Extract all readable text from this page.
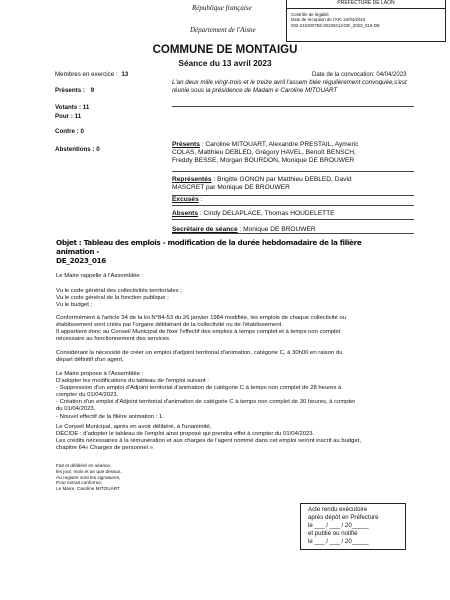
République française
Département de l'Aisne
PREFECTURE DE LAON
Contrôle de légalité
Date de réception de l'AR: 24/04/2023
002-210200756-20230413-DE_2023_016-DE
COMMUNE DE MONTAIGU
Séance du 13 avril 2023
Membres en exercice : 13
Présents : 9
Votants : 11
Pour : 11
Contre : 0
Abstentions : 0
Date de la convocation: 04/04/2023
L'an deux mille vingt-trois et le treize avril l'assem blée régulièrement convoquée,s'est réunie sous la présidence de Madam e Caroline MITOUART
Présents : Caroline MITOUART, Alexandre PRESTAIL, Aymeric
COLAS, Matthieu DEBLED, Grégory HAVEL, Benoît BENSCH,
Freddy BESSE, Morgan BOURDON, Monique DE BROUWER
Représentés : Brigitte GONON par Matthieu DEBLED, David
MASCRET par Monique DE BROUWER
Excusés :
Absents : Cindy DELAPLACE, Thomas HOUDELETTE
Secrétaire de séance : Monique DE BROUWER
Objet : Tableau des emplois - modification de la durée hebdomadaire de la filière animation -
DE_2023_016
Le Maire rappelle à l'Assemblée :
Vu le code général des collectivités territoriales ;
Vu le code général de la fonction publique ;
Vu le budget ;
Conformément à l'article 34 de la loi N°84-53 du 26 janvier 1984 modifiée, les emplois de chaque collectivité ou
établissement sont créés par l'organe délibérant de la collectivité ou de l'établissement.
Il appartient donc au Conseil Municipal de fixer l'effectif des emplois à temps complet et à temps non complet
nécessaire au fonctionnement des services.
Considérant la nécessité de créer un emploi d'adjoint territorial d'animation, catégorie C, à 30h00 en raison du
départ définitif d'un agent,
Le Maire propose à l'Assemblée :
D'adopter les modifications du tableau de l'emploi suivant :
- Suppression d'un emploi d'Adjoint territorial d'animation de catégorie C à temps non complet de 28 heures à
compter du 01/04/2023.
- Création d'un emploi d'Adjoint territorial d'animation de catégorie C à temps non complet de 30 heures, à compter
du 01/04/2023,
- Nouvel effectif de la filière animation : 1.
Le Conseil Municipal, après en avoir délibéré, à l'unanimité,
DÉCIDE : d'adopter le tableau de l'emploi ainsi proposé qui prendra effet à compter du 01/04/2023.
Les crédits nécessaires à la rémunération et aux charges de l'agent nommé dans cet emploi seront inscrit au budget,
chapitre 64« Charges de personnel ».
Fait et délibéré en séance,
les jour, mois et an que dessus,
Au registre sont les signatures,
Pour extrait conforme,
Le Maire, Caroline MITOUART
Acte rendu exécutoire
après dépôt en Préfecture
le ___ / ___ / 20_____
et publié ou notifié
le ___ / ___ / 20_____
